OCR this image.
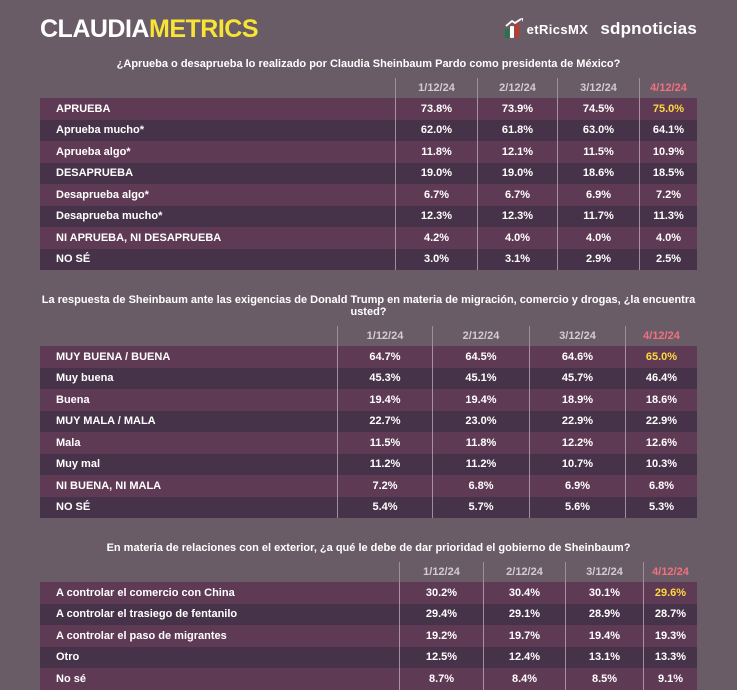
CLAUDIAMETRICS	etRicsMX sdpnoticias
¿Aprueba o desaprueba lo realizado por Claudia Sheinbaum Pardo como presidenta de México?
1/12/24	2/12/24	3/12/24	4/12/24
APRUEBA	73.8%	73.9%	74.5%	75.0%
Aprueba mucho*	62.0%	61.8%	63.0%	64.1%
Aprueba algo*	11.8%	12.1%	11.5%	10.9%
DESAPRUEBA	19.0%	19.0%	18.6%	18.5%
Desaprueba algo*	6.7%	6.7%	6.9%	7.2%
Desaprueba mucho*	12.3%	12.3%	11.7%	11.3%
NI APRUEBA, NI DESAPRUEBA	4.2%	4.0%	4.0%	4.0%
NO SÉ	3.0%	3.1%	2.9%	2.5%
La respuesta de Sheinbaum ante las exigencias de Donald Trump en materia de migración, comercio y drogas, ¿la encuentra usted?
1/12/24	2/12/24	3/12/24	4/12/24
MUY BUENA / BUENA	64.7%	64.5%	64.6%	65.0%
Muy buena	45.3%	45.1%	45.7%	46.4%
Buena	19.4%	19.4%	18.9%	18.6%
MUY MALA / MALA	22.7%	23.0%	22.9%	22.9%
Mala	11.5%	11.8%	12.2%	12.6%
Muy mal	11.2%	11.2%	10.7%	10.3%
NI BUENA, NI MALA	7.2%	6.8%	6.9%	6.8%
NO SÉ	5.4%	5.7%	5.6%	5.3%
En materia de relaciones con el exterior, ¿a qué le debe de dar prioridad el gobierno de Sheinbaum?
1/12/24	2/12/24	3/12/24	4/12/24
A controlar el comercio con China	30.2%	30.4%	30.1%	29.6%
A controlar el trasiego de fentanilo	29.4%	29.1%	28.9%	28.7%
A controlar el paso de migrantes	19.2%	19.7%	19.4%	19.3%
Otro	12.5%	12.4%	13.1%	13.3%
No sé	8.7%	8.4%	8.5%	9.1%
